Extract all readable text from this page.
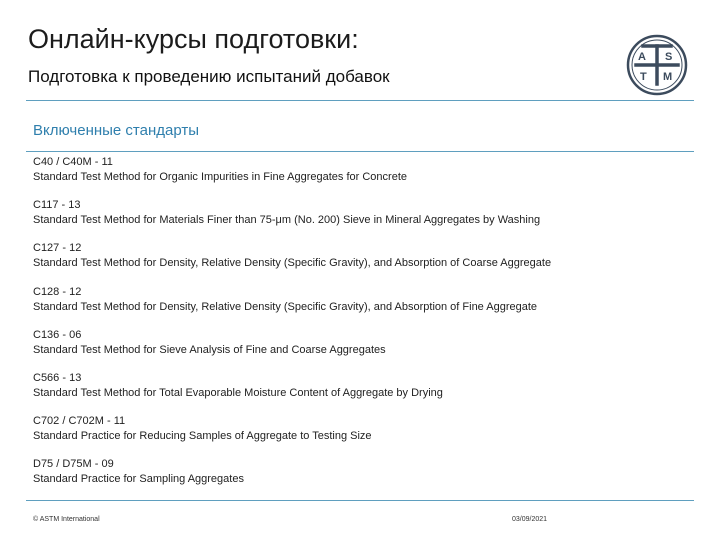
Онлайн-курсы подготовки:
Подготовка к проведению испытаний добавок
A S
T M
Включенные стандарты
C40 / C40M - 11
Standard Test Method for Organic Impurities in Fine Aggregates for Concrete
C117 - 13
Standard Test Method for Materials Finer than 75-μm (No. 200) Sieve in Mineral Aggregates by Washing
C127 - 12
Standard Test Method for Density, Relative Density (Specific Gravity), and Absorption of Coarse Aggregate
C128 - 12
Standard Test Method for Density, Relative Density (Specific Gravity), and Absorption of Fine Aggregate
C136 - 06
Standard Test Method for Sieve Analysis of Fine and Coarse Aggregates
C566 - 13
Standard Test Method for Total Evaporable Moisture Content of Aggregate by Drying
C702 / C702M - 11
Standard Practice for Reducing Samples of Aggregate to Testing Size
D75 / D75M - 09
Standard Practice for Sampling Aggregates
© ASTM International	03/09/2021
